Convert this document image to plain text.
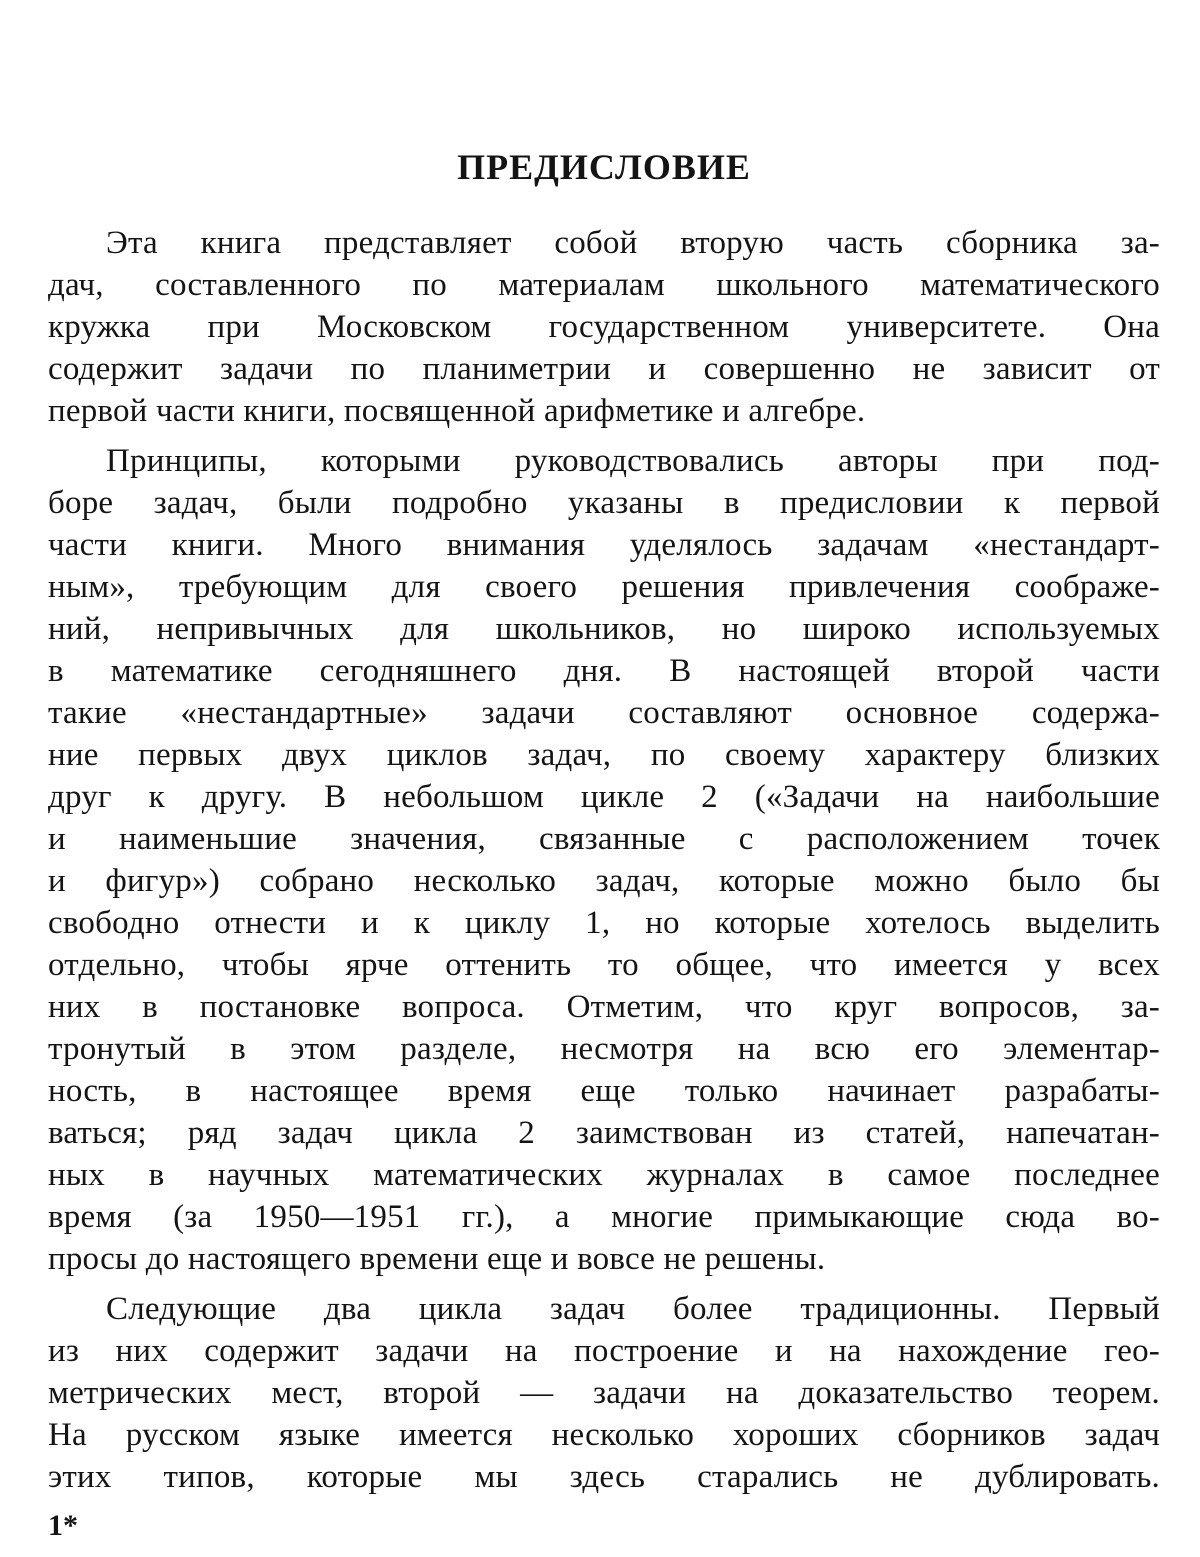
ПРЕДИСЛОВИЕ
Эта книга представляет собой вторую часть сборника за-
дач, составленного по материалам школьного математического
кружка при Московском государственном университете. Она
содержит задачи по планиметрии и совершенно не зависит от
первой части книги, посвященной арифметике и алгебре.
Принципы, которыми руководствовались авторы при под-
боре задач, были подробно указаны в предисловии к первой
части книги. Много внимания уделялось задачам «нестандарт-
ным», требующим для своего решения привлечения соображе-
ний, непривычных для школьников, но широко используемых
в математике сегодняшнего дня. В настоящей второй части
такие «нестандартные» задачи составляют основное содержа-
ние первых двух циклов задач, по своему характеру близких
друг к другу. В небольшом цикле 2 («Задачи на наибольшие
и наименьшие значения, связанные с расположением точек
и фигур») собрано несколько задач, которые можно было бы
свободно отнести и к циклу 1, но которые хотелось выделить
отдельно, чтобы ярче оттенить то общее, что имеется у всех
них в постановке вопроса. Отметим, что круг вопросов, за-
тронутый в этом разделе, несмотря на всю его элементар-
ность, в настоящее время еще только начинает разрабаты-
ваться; ряд задач цикла 2 заимствован из статей, напечатан-
ных в научных математических журналах в самое последнее
время (за 1950—1951 гг.), а многие примыкающие сюда во-
просы до настоящего времени еще и вовсе не решены.
Следующие два цикла задач более традиционны. Первый
из них содержит задачи на построение и на нахождение гео-
метрических мест, второй — задачи на доказательство теорем.
На русском языке имеется несколько хороших сборников задач
этих типов, которые мы здесь старались не дублировать.
1*
